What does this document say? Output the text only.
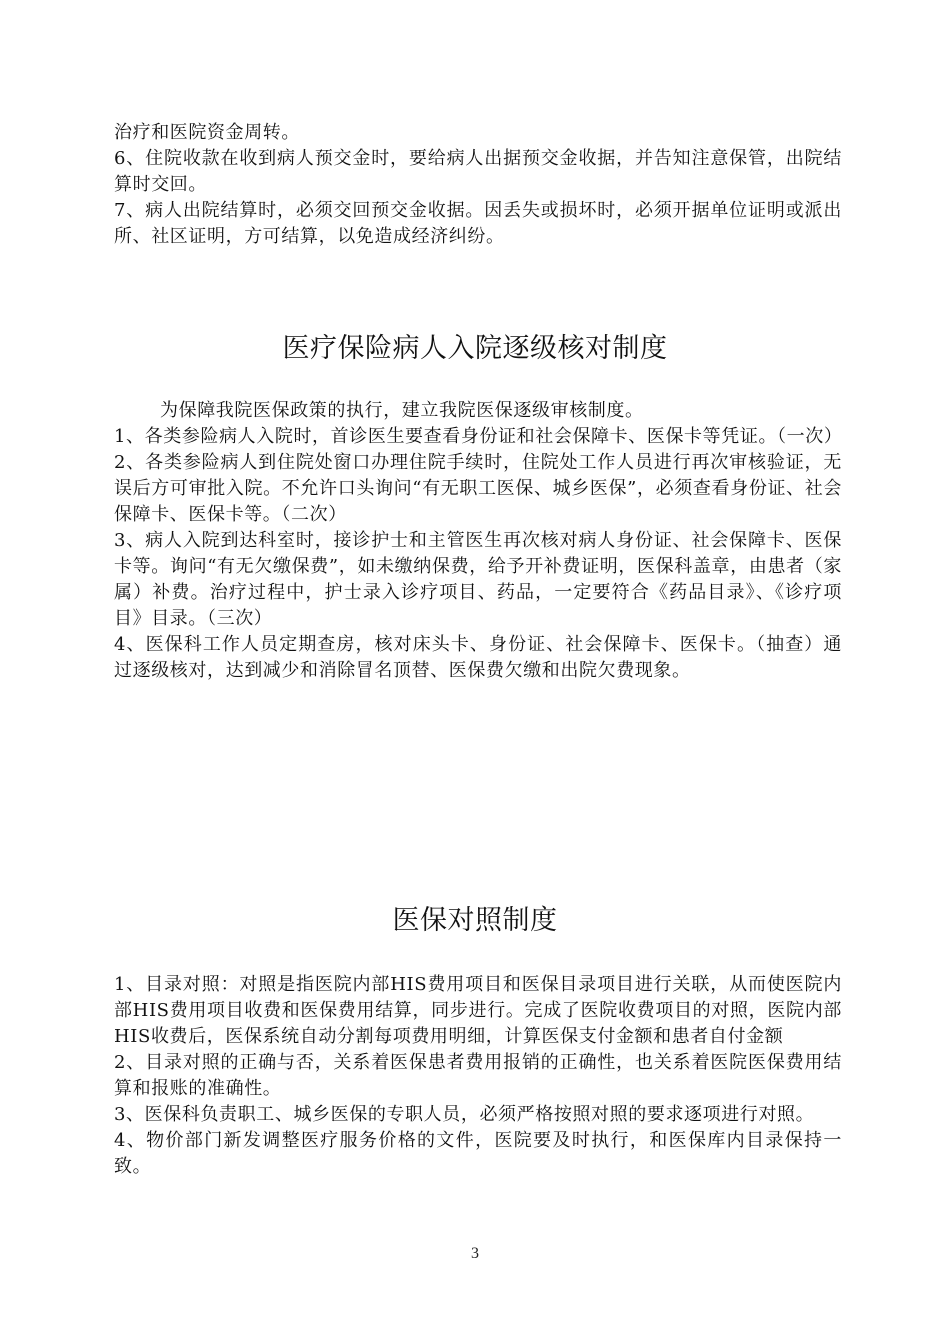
治疗和医院资金周转。

6、住院收款在收到病人预交金时，要给病人出据预交金收据，并告知注意保管，出院结算时交回。

7、病人出院结算时，必须交回预交金收据。因丢失或损坏时，必须开据单位证明或派出所、社区证明，方可结算，以免造成经济纠纷。

医疗保险病人入院逐级核对制度

为保障我院医保政策的执行，建立我院医保逐级审核制度。

1、各类参险病人入院时，首诊医生要查看身份证和社会保障卡、医保卡等凭证。（一次）

2、各类参险病人到住院处窗口办理住院手续时，住院处工作人员进行再次审核验证，无误后方可审批入院。不允许口头询问“有无职工医保、城乡医保”，必须查看身份证、社会保障卡、医保卡等。（二次）

3、病人入院到达科室时，接诊护士和主管医生再次核对病人身份证、社会保障卡、医保卡等。询问“有无欠缴保费”，如未缴纳保费，给予开补费证明，医保科盖章，由患者（家属）补费。治疗过程中，护士录入诊疗项目、药品，一定要符合《药品目录》、《诊疗项目》目录。（三次）

4、医保科工作人员定期查房，核对床头卡、身份证、社会保障卡、医保卡。（抽查）通过逐级核对，达到减少和消除冒名顶替、医保费欠缴和出院欠费现象。

医保对照制度

1、目录对照：对照是指医院内部HIS费用项目和医保目录项目进行关联，从而使医院内部HIS费用项目收费和医保费用结算，同步进行。完成了医院收费项目的对照，医院内部HIS收费后，医保系统自动分割每项费用明细，计算医保支付金额和患者自付金额

2、目录对照的正确与否，关系着医保患者费用报销的正确性，也关系着医院医保费用结算和报账的准确性。

3、医保科负责职工、城乡医保的专职人员，必须严格按照对照的要求逐项进行对照。

4、物价部门新发调整医疗服务价格的文件，医院要及时执行，和医保库内目录保持一致。

3
